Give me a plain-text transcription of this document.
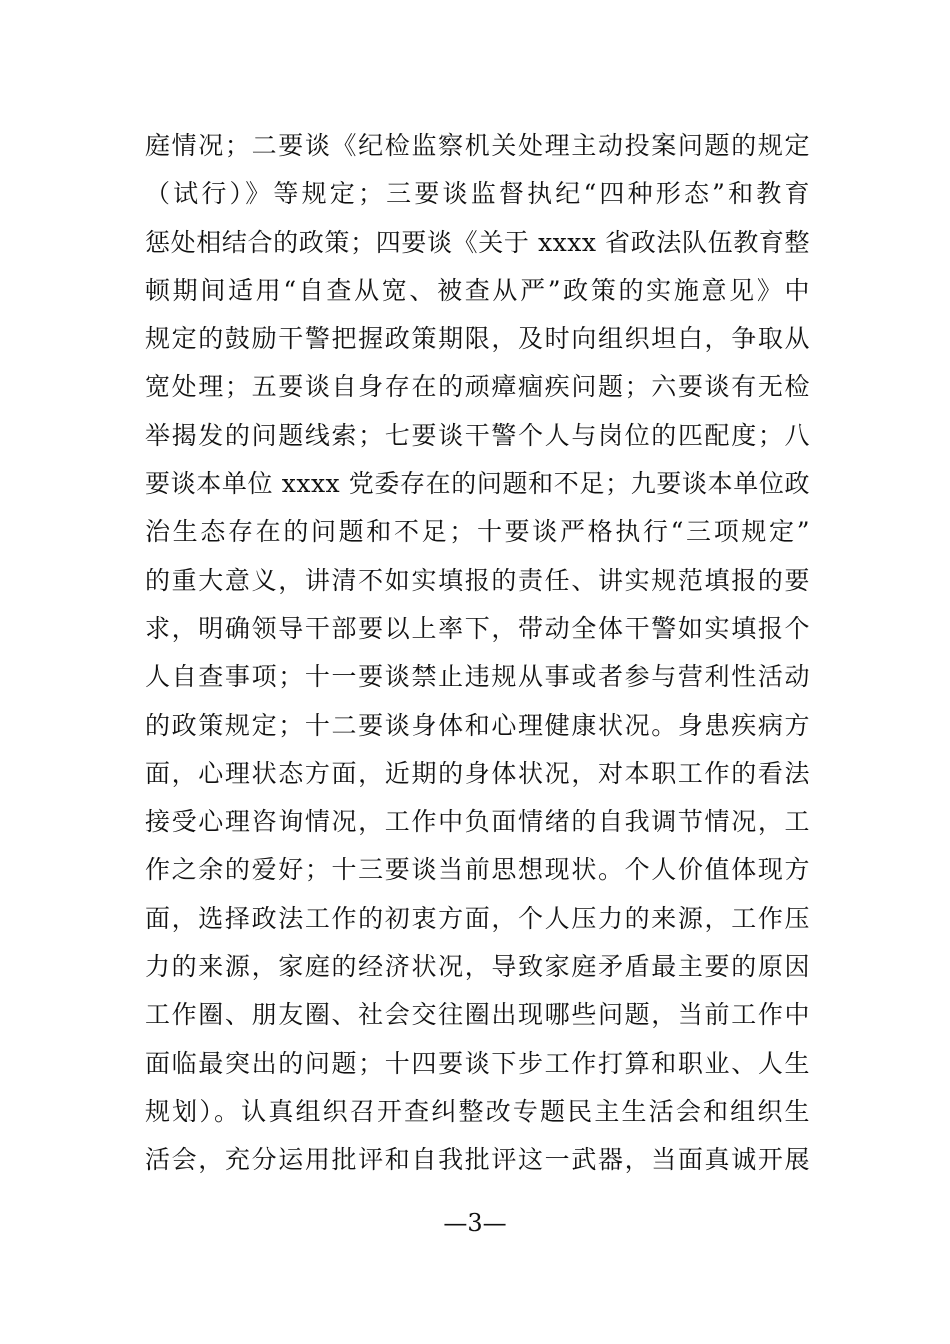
庭情况；二要谈《纪检监察机关处理主动投案问题的规定
（试行）》等规定；三要谈监督执纪“四种形态”和教育
惩处相结合的政策；四要谈《关于 xxxx 省政法队伍教育整
顿期间适用“自查从宽、被查从严”政策的实施意见》中
规定的鼓励干警把握政策期限，及时向组织坦白，争取从
宽处理；五要谈自身存在的顽瘴痼疾问题；六要谈有无检
举揭发的问题线索；七要谈干警个人与岗位的匹配度；八
要谈本单位 xxxx 党委存在的问题和不足；九要谈本单位政
治生态存在的问题和不足；十要谈严格执行“三项规定”
的重大意义，讲清不如实填报的责任、讲实规范填报的要
求，明确领导干部要以上率下，带动全体干警如实填报个
人自查事项；十一要谈禁止违规从事或者参与营利性活动
的政策规定；十二要谈身体和心理健康状况。身患疾病方
面，心理状态方面，近期的身体状况，对本职工作的看法
接受心理咨询情况，工作中负面情绪的自我调节情况，工
作之余的爱好；十三要谈当前思想现状。个人价值体现方
面，选择政法工作的初衷方面，个人压力的来源，工作压
力的来源，家庭的经济状况，导致家庭矛盾最主要的原因
工作圈、朋友圈、社会交往圈出现哪些问题，当前工作中
面临最突出的问题；十四要谈下步工作打算和职业、人生
规划）。认真组织召开查纠整改专题民主生活会和组织生
活会，充分运用批评和自我批评这一武器，当面真诚开展
—3—
